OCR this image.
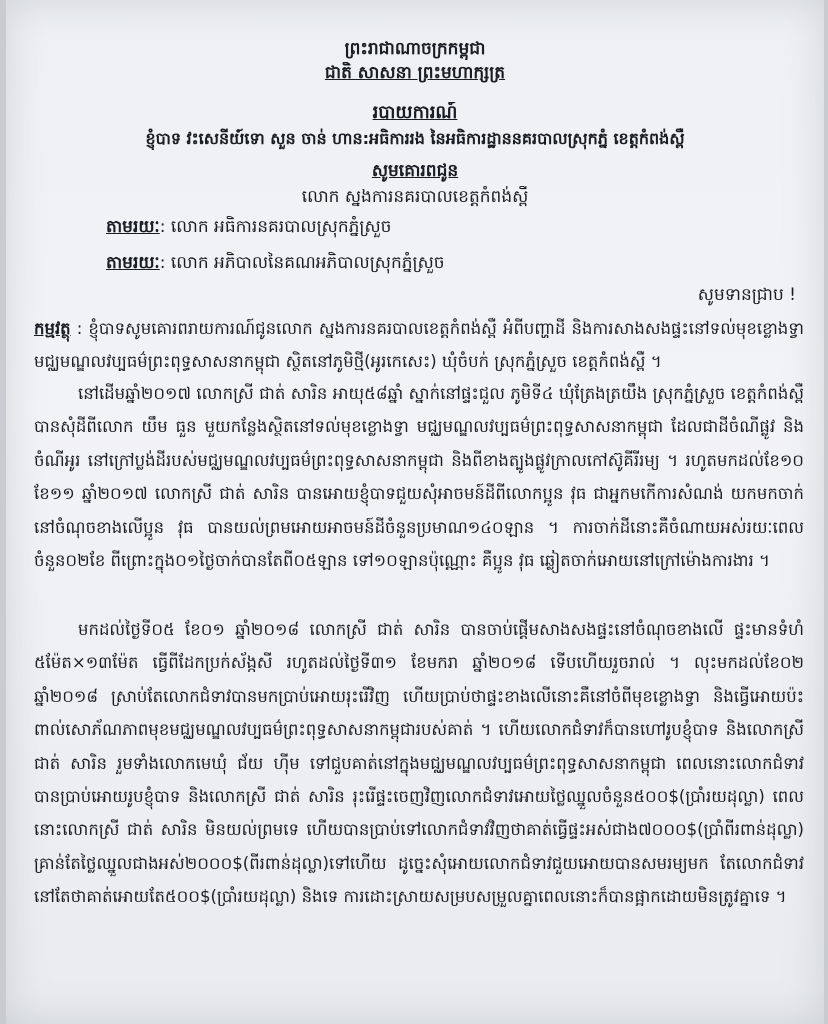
ព្រះរាជាណាចក្រកម្ពុជា
ជាតិ សាសនា ព្រះមហាក្សត្រ
របាយការណ៍
ខ្ញុំបាទ វះសេនីយ៍ទោ សួន ចាន់ ហាន:អធិការរង នៃអធិការដ្ឋាននគរបាលស្រុកភ្នំ ខេត្តកំពង់ស្ពឺ
សូមគោរពជូន
លោក ស្នងការនគរបាលខេត្តកំពង់ស្ពឺ
តាមរយៈ: លោក អធិការនគរបាលស្រុកភ្នំស្រួច
តាមរយៈ: លោក អភិបាលនៃគណអភិបាលស្រុកភ្នំស្រួច
សូមទានជ្រាប !
កម្មវត្ថុ : ខ្ញុំបាទសូមគោរពរាយការណ៍ជូនលោក ស្នងការនគរបាលខេត្តកំពង់ស្ពឺ អំពីបញ្ហាដី និងការសាងសងផ្ទះនៅទល់មុខខ្លោងទ្វា មជ្ឈមណ្ឌលវប្បធម៌ព្រះពុទ្ធសាសនាកម្ពុជា ស្ថិតនៅភូមិថ្មី(អូរកេសេះ) ឃុំចំបក់ ស្រុកភ្នំស្រួច ខេត្តកំពង់ស្ពឺ ។
នៅដើមឆ្នាំ២០១៧ លោកស្រី ជាត់ សារិន អាយុ៥៨ឆ្នាំ ស្នាក់នៅផ្ទះជួល ភូមិទី៤ ឃុំត្រែងត្រយឹង ស្រុកភ្នំស្រួច ខេត្តកំពង់ស្ពឺ បានសុំដីពីលោក យឹម ធួន មួយកន្លែងស្ថិតនៅទល់មុខខ្លោងទ្វា មជ្ឈមណ្ឌលវប្បធម៌ព្រះពុទ្ធសាសនាកម្ពុជា ដែលជាដីចំណីផ្លូវ និងចំណីអូរ នៅក្រៅប្លង់ដីរបស់មជ្ឈមណ្ឌលវប្បធម៌ព្រះពុទ្ធសាសនាកម្ពុជា និងពីខាងត្បូងផ្លូវក្រាលកៅស៊ូគីរីរម្យ ។ រហូតមកដល់ខែ១០ ខែ១១ ឆ្នាំ២០១៧ លោកស្រី ជាត់ សារិន បានអោយខ្ញុំបាទជួយសុំអាចមន៍ដីពីលោកប្អូន វុធ ជាអ្នកមកើការសំណង់ យកមកចាក់នៅចំណុចខាងលើប្អូន វុធ បានយល់ព្រមអោយអាចមន៍ដីចំនួនប្រមាណ១៤០ឡាន ។ ការចាក់ដីនោះគឺចំណាយអស់រយៈពេលចំនួន០២ខែ ពីព្រោះក្នុង០១ថ្ងៃចាក់បានតែពី០៥ឡាន ទៅ១០ឡានប៉ុណ្ណោះ គឺប្អូន វុធ ឆ្លៀតចាក់អោយនៅក្រៅម៉ោងការងារ ។
មកដល់ថ្ងៃទី០៥ ខែ០១ ឆ្នាំ២០១៨ លោកស្រី ជាត់ សារិន បានចាប់ផ្តើមសាងសងផ្ទះនៅចំណុចខាងលើ ផ្ទះមានទំហំ ៥ម៉ែត×១៣ម៉ែត ធ្វើពីដែកប្រក់ស័ង្កសី រហូតដល់ថ្ងៃទី៣១ ខែមករា ឆ្នាំ២០១៨ ទើបហើយរួចរាល់ ។ លុះមកដល់ខែ០២ ឆ្នាំ២០១៨ ស្រាប់តែលោកជំទាវបានមកប្រាប់អោយរុះរើវិញ ហើយប្រាប់ថាផ្ទះខាងលើនោះគឺនៅចំពីមុខខ្លោងទ្វា និងធ្វើអោយប៉ះពាល់សោភ័ណភាពមុខមជ្ឈមណ្ឌលវប្បធម៌ព្រះពុទ្ធសាសនាកម្ពុជារបស់គាត់ ។ ហើយលោកជំទាវក៏បានហៅរូបខ្ញុំបាទ និងលោកស្រី ជាត់ សារិន រួមទាំងលោកមេឃុំ ជ័យ ហ៊ីម ទៅជួបគាត់នៅក្នុងមជ្ឈមណ្ឌលវប្បធម៌ព្រះពុទ្ធសាសនាកម្ពុជា ពេលនោះលោកជំទាវ បានប្រាប់អោយរូបខ្ញុំបាទ និងលោកស្រី ជាត់ សារិន រុះរើផ្ទះចេញវិញលោកជំទាវអោយថ្លៃឈ្នួលចំនួន៥០០$(ប្រាំរយដុល្លា) ពេលនោះលោកស្រី ជាត់ សារិន មិនយល់ព្រមទេ ហើយបានប្រាប់ទៅលោកជំទាវវិញថាគាត់ធ្វើផ្ទះអស់ជាង៧០០០$(ប្រាំពីរពាន់ដុល្លា) គ្រាន់តែថ្លៃឈ្នួលជាងអស់២០០០$(ពីរពាន់ដុល្លា)ទៅហើយ ដូច្នេះសុំអោយលោកជំទាវជួយអោយបានសមរម្យមក តែលោកជំទាវនៅតែថាគាត់អោយតែ៥០០$(ប្រាំរយដុល្លា) និងទេ ការដោះស្រាយសម្របសម្រួលគ្នាពេលនោះក៏បានផ្អាកដោយមិនត្រូវគ្នាទេ ។
